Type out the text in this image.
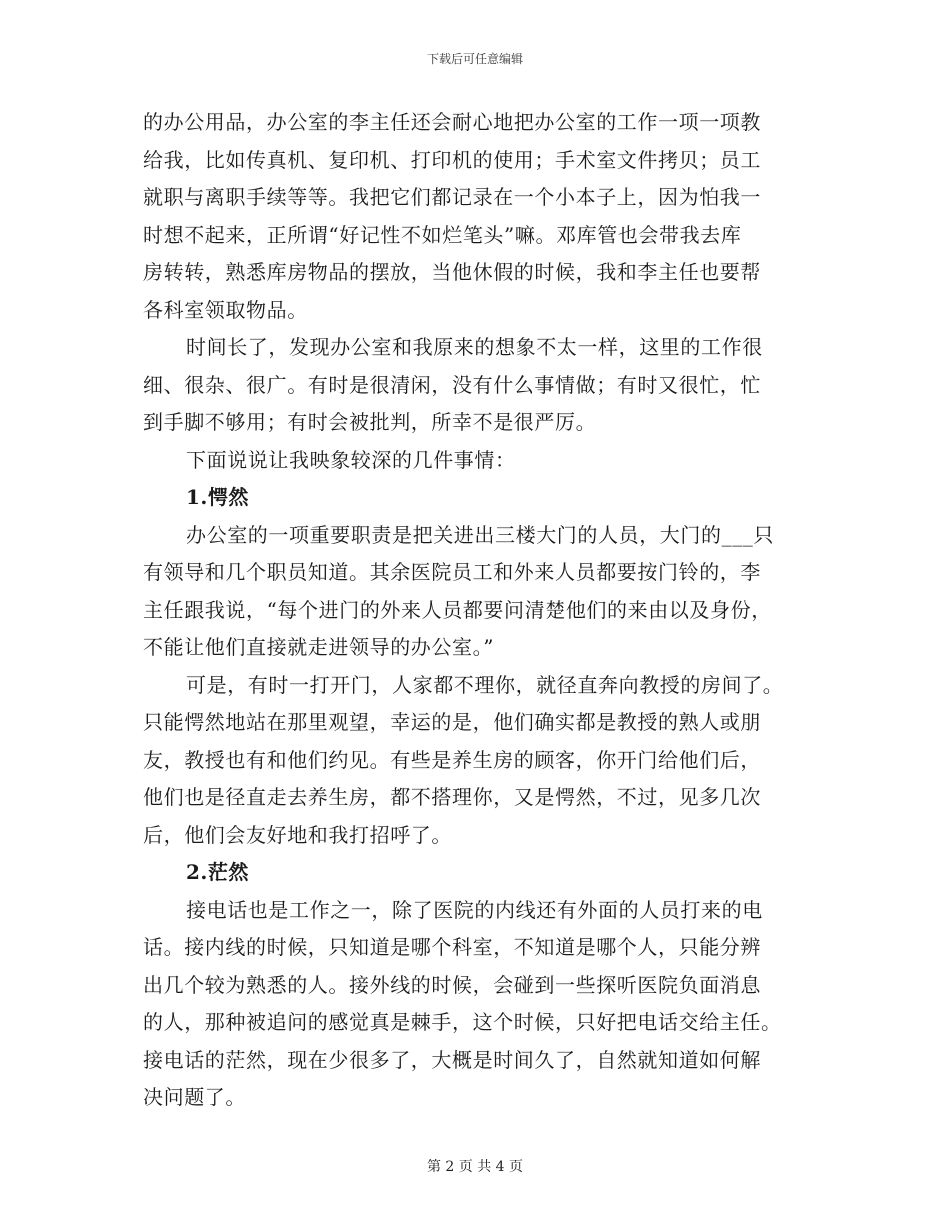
下载后可任意编辑
的办公用品，办公室的李主任还会耐心地把办公室的工作一项一项教
给我，比如传真机、复印机、打印机的使用；手术室文件拷贝；员工
就职与离职手续等等。我把它们都记录在一个小本子上，因为怕我一
时想不起来，正所谓“好记性不如烂笔头”嘛。邓库管也会带我去库
房转转，熟悉库房物品的摆放，当他休假的时候，我和李主任也要帮
各科室领取物品。
时间长了，发现办公室和我原来的想象不太一样，这里的工作很
细、很杂、很广。有时是很清闲，没有什么事情做；有时又很忙，忙
到手脚不够用；有时会被批判，所幸不是很严厉。
下面说说让我映象较深的几件事情：
1.愕然
办公室的一项重要职责是把关进出三楼大门的人员，大门的___只
有领导和几个职员知道。其余医院员工和外来人员都要按门铃的，李
主任跟我说，“每个进门的外来人员都要问清楚他们的来由以及身份，
不能让他们直接就走进领导的办公室。”
可是，有时一打开门，人家都不理你，就径直奔向教授的房间了。
只能愕然地站在那里观望，幸运的是，他们确实都是教授的熟人或朋
友，教授也有和他们约见。有些是养生房的顾客，你开门给他们后，
他们也是径直走去养生房，都不搭理你，又是愕然，不过，见多几次
后，他们会友好地和我打招呼了。
2.茫然
接电话也是工作之一，除了医院的内线还有外面的人员打来的电
话。接内线的时候，只知道是哪个科室，不知道是哪个人，只能分辨
出几个较为熟悉的人。接外线的时候，会碰到一些探听医院负面消息
的人，那种被追问的感觉真是棘手，这个时候，只好把电话交给主任。
接电话的茫然，现在少很多了，大概是时间久了，自然就知道如何解
决问题了。
第 2 页 共 4 页
